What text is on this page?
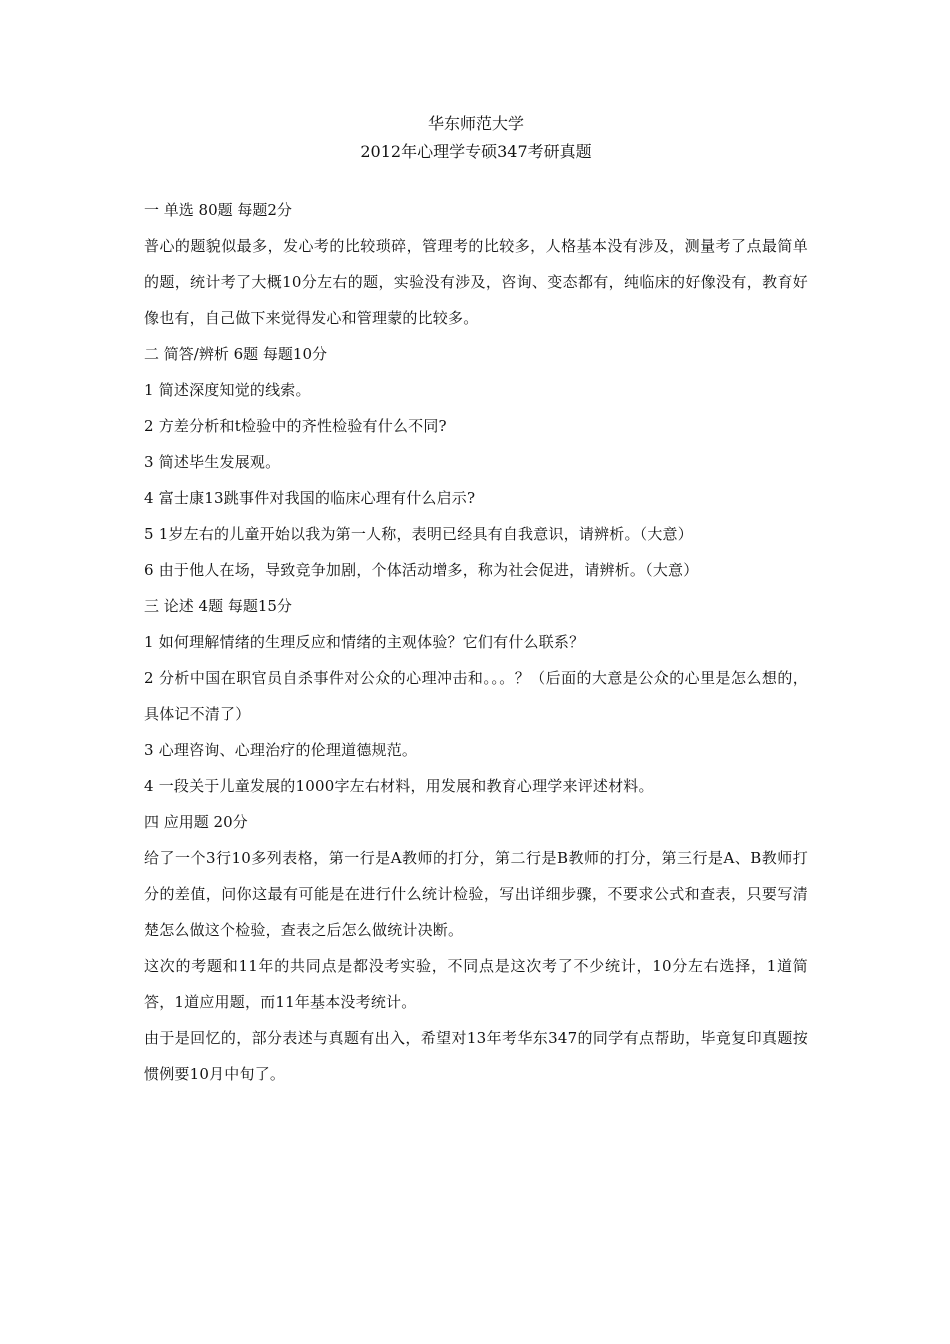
华东师范大学
2012年心理学专硕347考研真题

一 单选 80题 每题2分

普心的题貌似最多，发心考的比较琐碎，管理考的比较多，人格基本没有涉及，测量考了点最简单的题，统计考了大概10分左右的题，实验没有涉及，咨询、变态都有，纯临床的好像没有，教育好像也有，自己做下来觉得发心和管理蒙的比较多。

二 简答/辨析 6题 每题10分

1 简述深度知觉的线索。

2 方差分析和t检验中的齐性检验有什么不同?

3 简述毕生发展观。

4 富士康13跳事件对我国的临床心理有什么启示?

5 1岁左右的儿童开始以我为第一人称，表明已经具有自我意识，请辨析。（大意）

6 由于他人在场，导致竞争加剧，个体活动增多，称为社会促进，请辨析。（大意）

三 论述 4题 每题15分

1 如何理解情绪的生理反应和情绪的主观体验？它们有什么联系？

2 分析中国在职官员自杀事件对公众的心理冲击和。。。？（后面的大意是公众的心里是怎么想的，具体记不清了）

3 心理咨询、心理治疗的伦理道德规范。

4 一段关于儿童发展的1000字左右材料，用发展和教育心理学来评述材料。

四 应用题 20分

给了一个3行10多列表格，第一行是A教师的打分，第二行是B教师的打分，第三行是A、B教师打分的差值，问你这最有可能是在进行什么统计检验，写出详细步骤，不要求公式和查表，只要写清楚怎么做这个检验，查表之后怎么做统计决断。

这次的考题和11年的共同点是都没考实验，不同点是这次考了不少统计，10分左右选择，1道简答，1道应用题，而11年基本没考统计。

由于是回忆的，部分表述与真题有出入，希望对13年考华东347的同学有点帮助，毕竟复印真题按惯例要10月中旬了。
